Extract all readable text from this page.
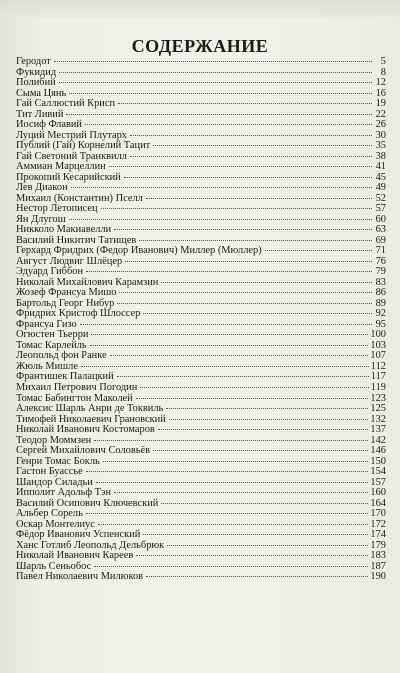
СОДЕРЖАНИЕ
Геродот	5
Фукидид	8
Полибий	12
Сыма Цянь	16
Гай Саллюстий Крисп	19
Тит Ливий	22
Иосиф Флавий	26
Луций Местрий Плутарх	30
Публий (Гай) Корнелий Тацит	35
Гай Светоний Транквилл	38
Аммиан Марцеллин	41
Прокопий Кесарийский	45
Лев Диакон	49
Михаил (Константин) Пселл	52
Нестор Летописец	57
Ян Длугош	60
Никколо Макиавелли	63
Василий Никитич Татищев	69
Герхард Фридрих (Федор Иванович) Миллер (Мюллер)	71
Август Людвиг Шлёцер	76
Эдуард Гиббон	79
Николай Михайлович Карамзин	83
Жозеф Франсуа Мишо	86
Бартольд Георг Нибур	89
Фридрих Кристоф Шлоссер	92
Франсуа Гизо	95
Огюстен Тьерри	100
Томас Карлейль	103
Леопольд фон Ранке	107
Жюль Мишле	112
Франтишек Палацкий	117
Михаил Петрович Погодин	119
Томас Бабингтон Маколей	123
Алексис Шарль Анри де Токвиль	125
Тимофей Николаевич Грановский	132
Николай Иванович Костомаров	137
Теодор Моммзен	142
Сергей Михайлович Соловьёв	146
Генри Томас Бокль	150
Гастон Буассье	154
Шандор Силадьи	157
Ипполит Адольф Тэн	160
Василий Осипович Ключевский	164
Альбер Сорель	170
Оскар Монтелиус	172
Фёдор Иванович Успенский	174
Ханс Готлиб Леопольд Дельбрюк	179
Николай Иванович Кареев	183
Шарль Сеньобос	187
Павел Николаевич Милюков	190
